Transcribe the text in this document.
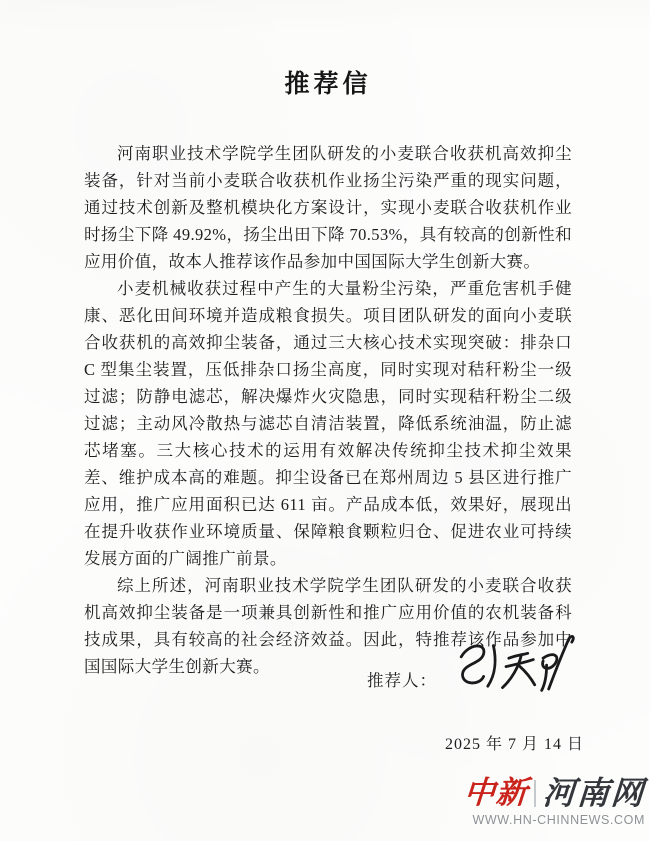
推荐信

河南职业技术学院学生团队研发的小麦联合收获机高效抑尘装备，针对当前小麦联合收获机作业扬尘污染严重的现实问题，通过技术创新及整机模块化方案设计，实现小麦联合收获机作业时扬尘下降 49.92%，扬尘出田下降 70.53%，具有较高的创新性和应用价值，故本人推荐该作品参加中国国际大学生创新大赛。

小麦机械收获过程中产生的大量粉尘污染，严重危害机手健康、恶化田间环境并造成粮食损失。项目团队研发的面向小麦联合收获机的高效抑尘装备，通过三大核心技术实现突破：排杂口 C 型集尘装置，压低排杂口扬尘高度，同时实现对秸秆粉尘一级过滤；防静电滤芯，解决爆炸火灾隐患，同时实现秸秆粉尘二级过滤；主动风冷散热与滤芯自清洁装置，降低系统油温，防止滤芯堵塞。三大核心技术的运用有效解决传统抑尘技术抑尘效果差、维护成本高的难题。抑尘设备已在郑州周边 5 县区进行推广应用，推广应用面积已达 611 亩。产品成本低，效果好，展现出在提升收获作业环境质量、保障粮食颗粒归仓、促进农业可持续发展方面的广阔推广前景。

综上所述，河南职业技术学院学生团队研发的小麦联合收获机高效抑尘装备是一项兼具创新性和推广应用价值的农机装备科技成果，具有较高的社会经济效益。因此，特推荐该作品参加中国国际大学生创新大赛。

推荐人：
2025 年 7 月 14 日
中新 河南网
WWW.HN-CHINNEWS.COM
